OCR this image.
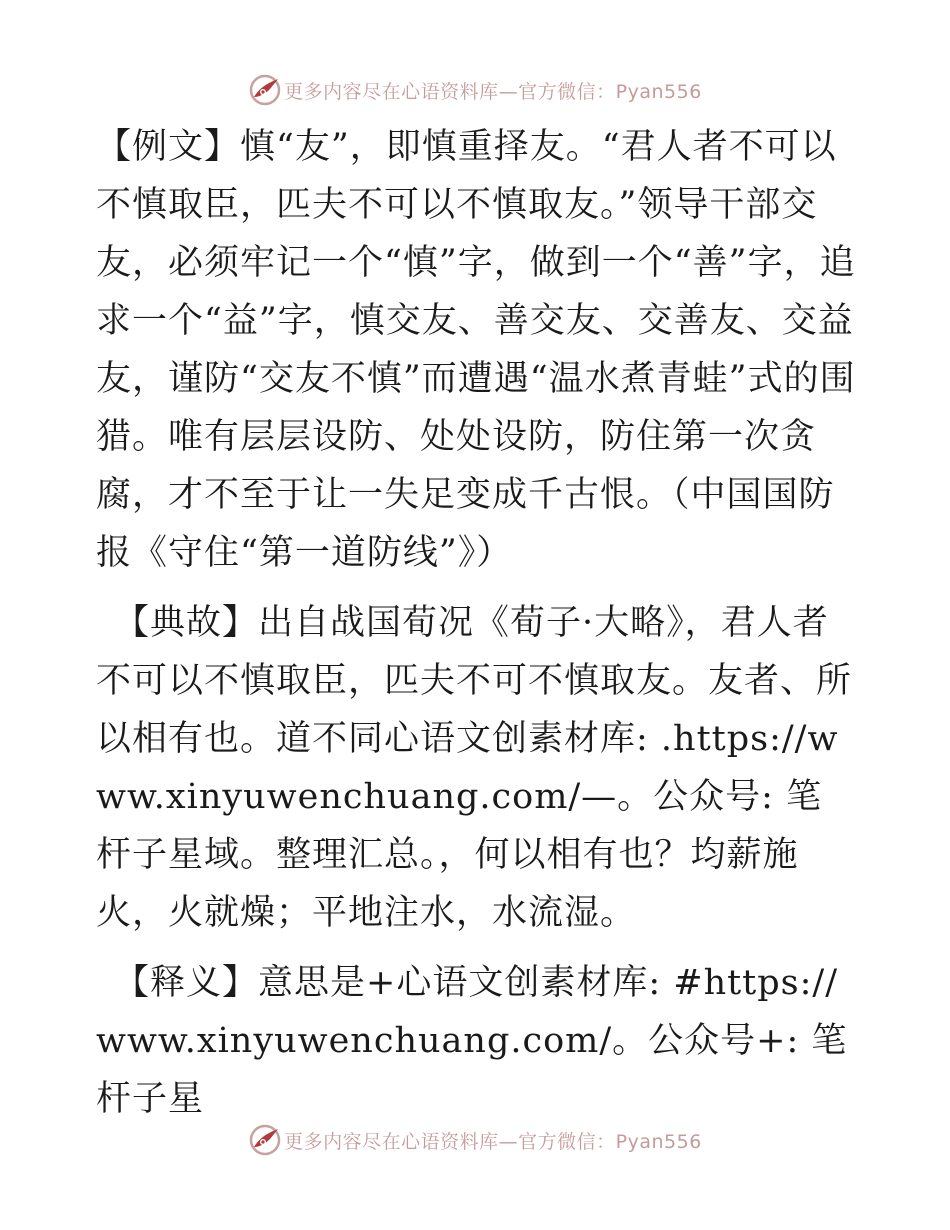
更多内容尽在心语资料库—官方微信：Pyan556

【例文】慎“友”，即慎重择友。“君人者不可以不慎取臣，匹夫不可以不慎取友。”领导干部交友，必须牢记一个“慎”字，做到一个“善”字，追求一个“益”字，慎交友、善交友、交善友、交益友，谨防“交友不慎”而遭遇“温水煮青蛙”式的围猎。唯有层层设防、处处设防，防住第一次贪腐，才不至于让一失足变成千古恨。（中国国防报《守住“第一道防线”》）

【典故】出自战国荀况《荀子·大略》，君人者不可以不慎取臣，匹夫不可不慎取友。友者、所以相有也。道不同心语文创素材库: .https://www.xinyuwenchuang.com/—。公众号: 笔杆子星域。整理汇总。，何以相有也？均薪施火，火就燥；平地注水，水流湿。

【释义】意思是+心语文创素材库: #https://www.xinyuwenchuang.com/。公众号+: 笔杆子星

更多内容尽在心语资料库—官方微信：Pyan556
